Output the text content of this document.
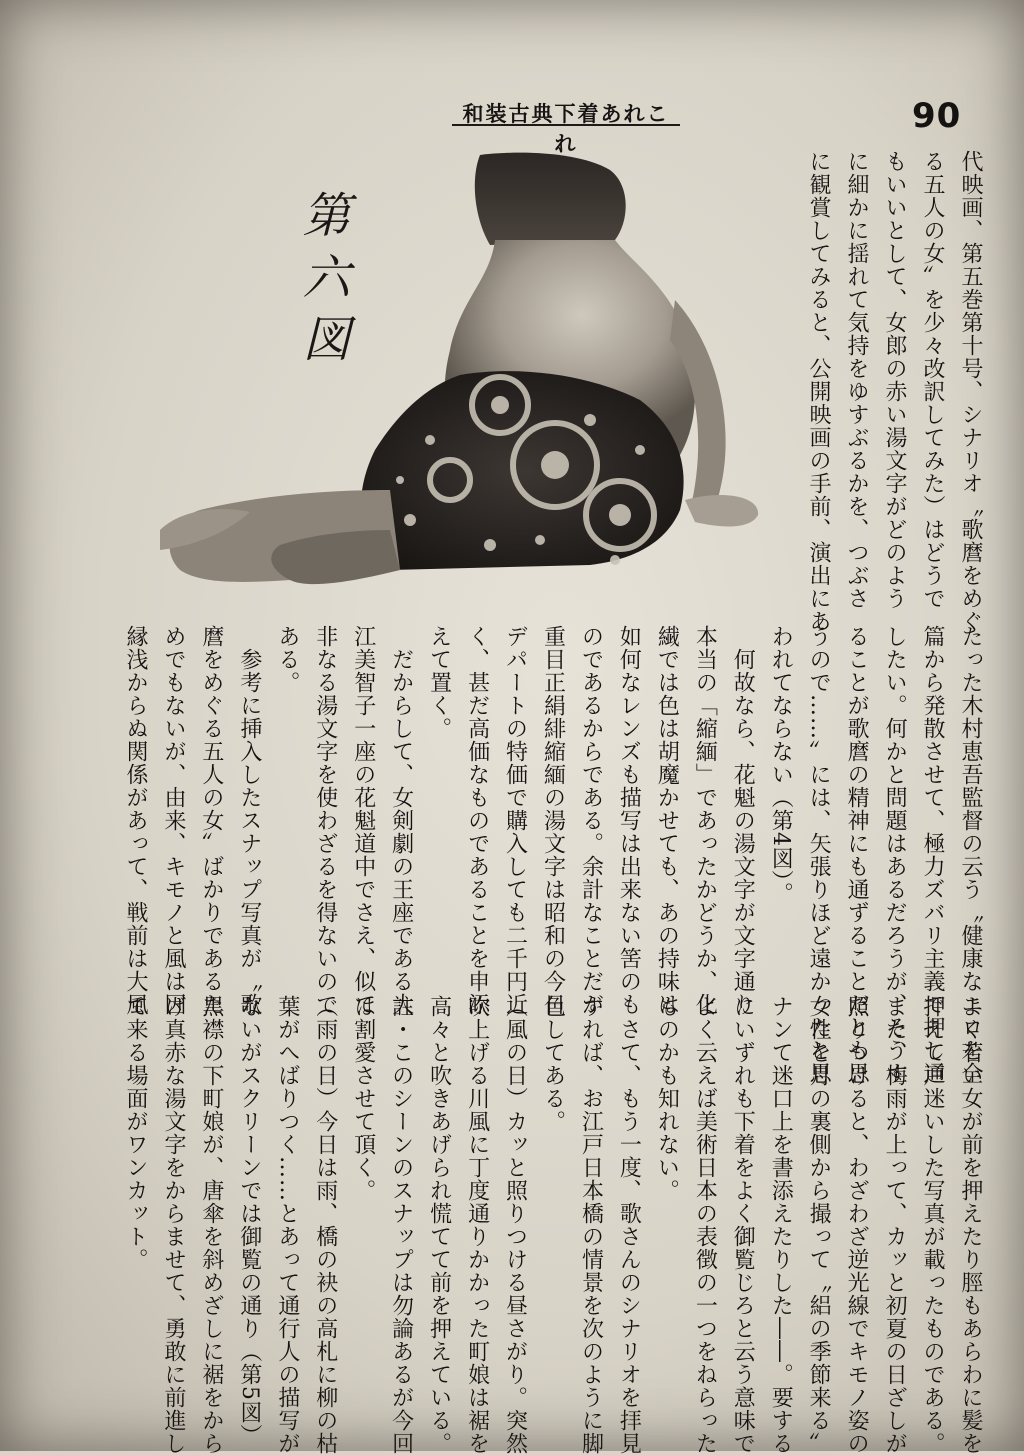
和装古典下着あれこれ
90
第六図	代映画、第五巻第十号、シナリオ〝歌麿をめぐ
る五人の女〟を少々改訳してみた）はどうで
もいいとして、女郎の赤い湯文字がどのよう
に細かに揺れて気持をゆすぶるかを、つぶさ
に観賞してみると、公開映画の手前、演出にあ
たった木村恵吾監督の云う〝健康なエロを全
篇から発散させて、極力ズバリ主義で押し通
したい。何かと問題はあるだろうが、そうす
ることが歌麿の精神にも通ずることだとも思
うので……〟には、矢張りほど遠かったと思
われてならない（第4図）。
　何故なら、花魁の湯文字が文字通り
本当の「縮緬」であったかどうか、化
繊では色は胡魔かせても、あの持味は
如何なレンズも描写は出来ない筈のも
のであるからである。余計なことだが
重目正絹緋縮緬の湯文字は昭和の今日
デパートの特価で購入しても二千円近
く、甚だ高価なものであることを申添
えて置く。
　だからして、女剣劇の王座である大
江美智子一座の花魁道中でさえ、似て
非なる湯文字を使わざるを得ないので
ある。
　参考に挿入したスナップ写真が〝歌
麿をめぐる五人の女〟ばかりであるた
めでもないが、由来、キモノと風は因
縁浅からぬ関係があって、戦前は大風
よく若い女が前を押えたり脛もあらわに髪を
押えて戸迷いした写真が載ったものである。
また、梅雨が上って、カッと初夏の日ざしが
照りつけると、わざわざ逆光線でキモノ姿の
女性を月の裏側から撮って〝絽の季節来る〟
ナンて迷口上を書添えたりした――。要する
にいずれも下着をよく御覧じろと云う意味で
よく云えば美術日本の表徴の一つをねらった
ものかも知れない。
　さて、もう一度、歌さんのシナリオを拝見
すれば、お江戸日本橋の情景を次のように脚
色してある。
（風の日）カッと照りつける昼さがり。突然
吹上げる川風に丁度通りかかった町娘は裾を
高々と吹きあげられ慌てて前を押えている。
註・このシーンのスナップは勿論あるが今回
は割愛させて頂く。
（雨の日）今日は雨、橋の袂の高札に柳の枯
葉がへばりつく……とあって通行人の描写が
ないがスクリーンでは御覧の通り（第5図）
黒襟の下町娘が、唐傘を斜めざしに裾をから
げ真赤な湯文字をからませて、勇敢に前進し
て来る場面がワンカット。
